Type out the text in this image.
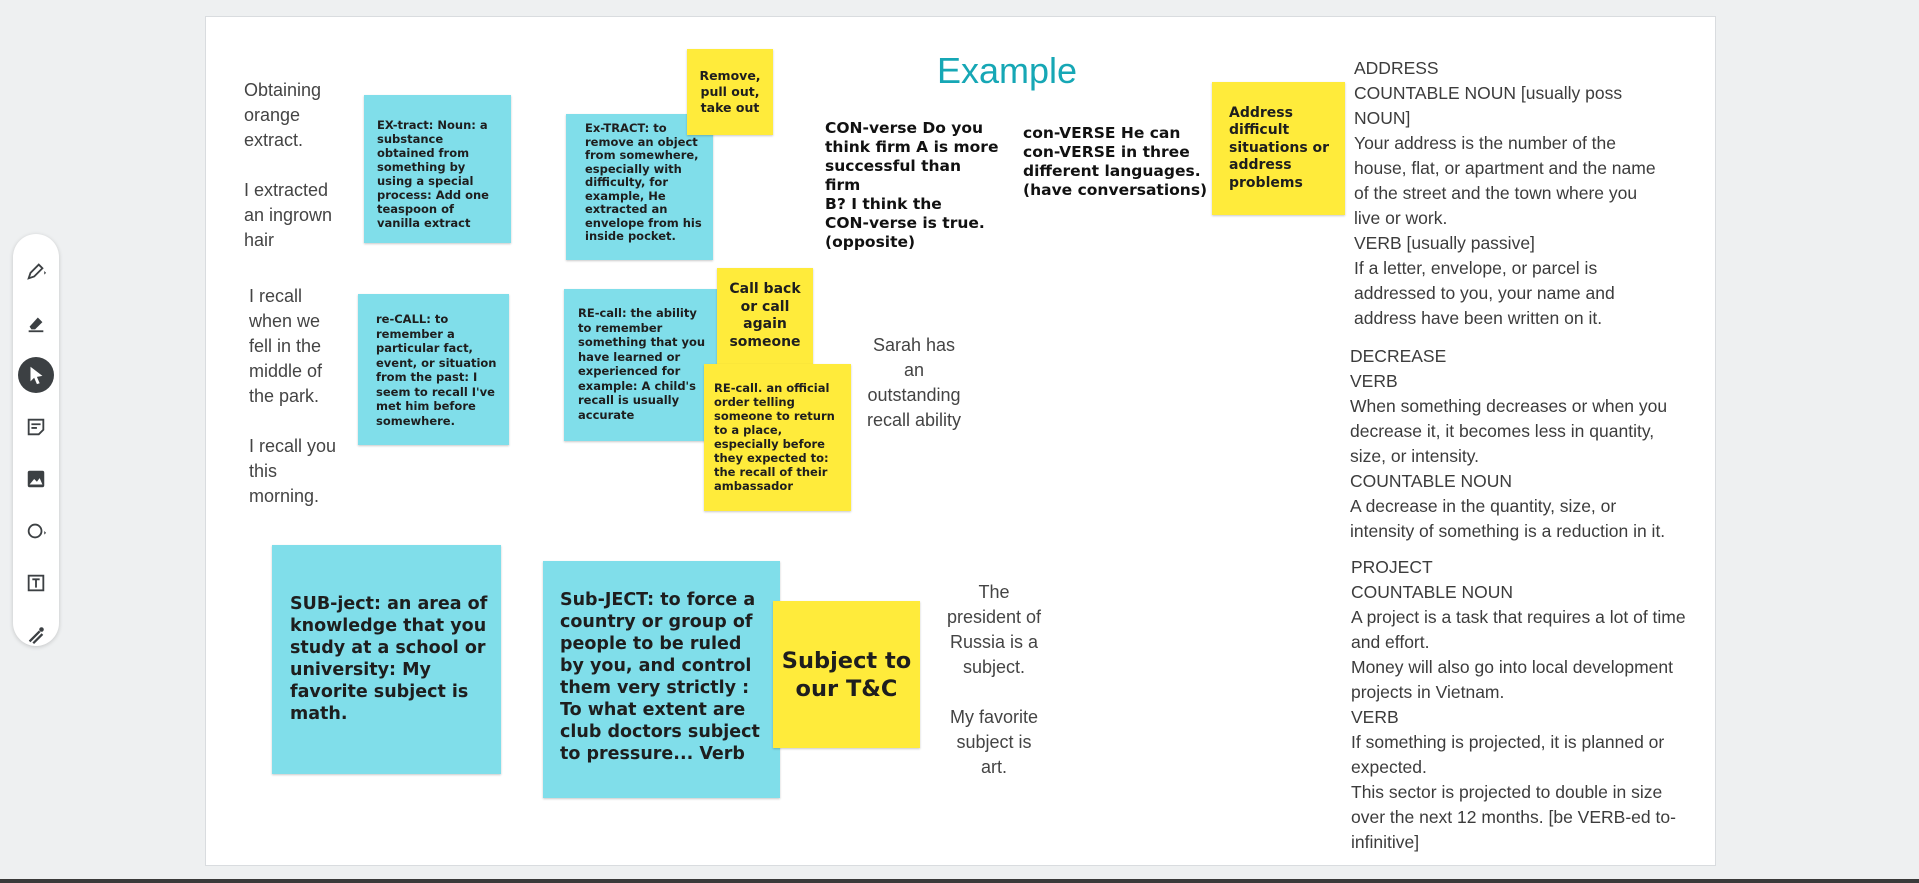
Example
Obtaining
orange
extract.

I extracted
an ingrown
hair
I recall
when we
fell in the
middle of
the park.

I recall you
this
morning.
Sarah has
an
outstanding
recall ability
The
president of
Russia is a
subject.

My favorite
subject is
art.
CON-verse Do you
think firm A is more
successful than firm
B? I think the
CON-verse is true.
(opposite)
con-VERSE He can
con-VERSE in three
different languages.
(have conversations)
EX-tract: Noun: a substance obtained from something by using a special process: Add one teaspoon of vanilla extract
Ex-TRACT: to remove an object from somewhere, especially with difficulty, for example, He extracted an envelope from his inside pocket.
Remove, pull out, take out
re-CALL: to remember a particular fact, event, or situation from the past: I seem to recall I've met him before somewhere.
RE-call: the ability to remember something that you have learned or experienced for example: A child's recall is usually accurate
Call back or call again someone
RE-call. an official order telling someone to return to a place, especially before they expected to: the recall of their ambassador
Address difficult situations or address problems
SUB-ject: an area of knowledge that you study at a school or university: My favorite subject is math.
Sub-JECT: to force a country or group of people to be ruled by you, and control them very strictly : To what extent are club doctors subject to pressure... Verb
Subject to our T&C
ADDRESS
COUNTABLE NOUN [usually poss
NOUN]
Your address is the number of the
house, flat, or apartment and the name
of the street and the town where you
live or work.
VERB [usually passive]
If a letter, envelope, or parcel is
addressed to you, your name and
address have been written on it.
DECREASE
VERB
When something decreases or when you
decrease it, it becomes less in quantity,
size, or intensity.
COUNTABLE NOUN
A decrease in the quantity, size, or
intensity of something is a reduction in it.
PROJECT
COUNTABLE NOUN
A project is a task that requires a lot of time
and effort.
Money will also go into local development
projects in Vietnam.
VERB
If something is projected, it is planned or
expected.
This sector is projected to double in size
over the next 12 months. [be VERB-ed to-
infinitive]
